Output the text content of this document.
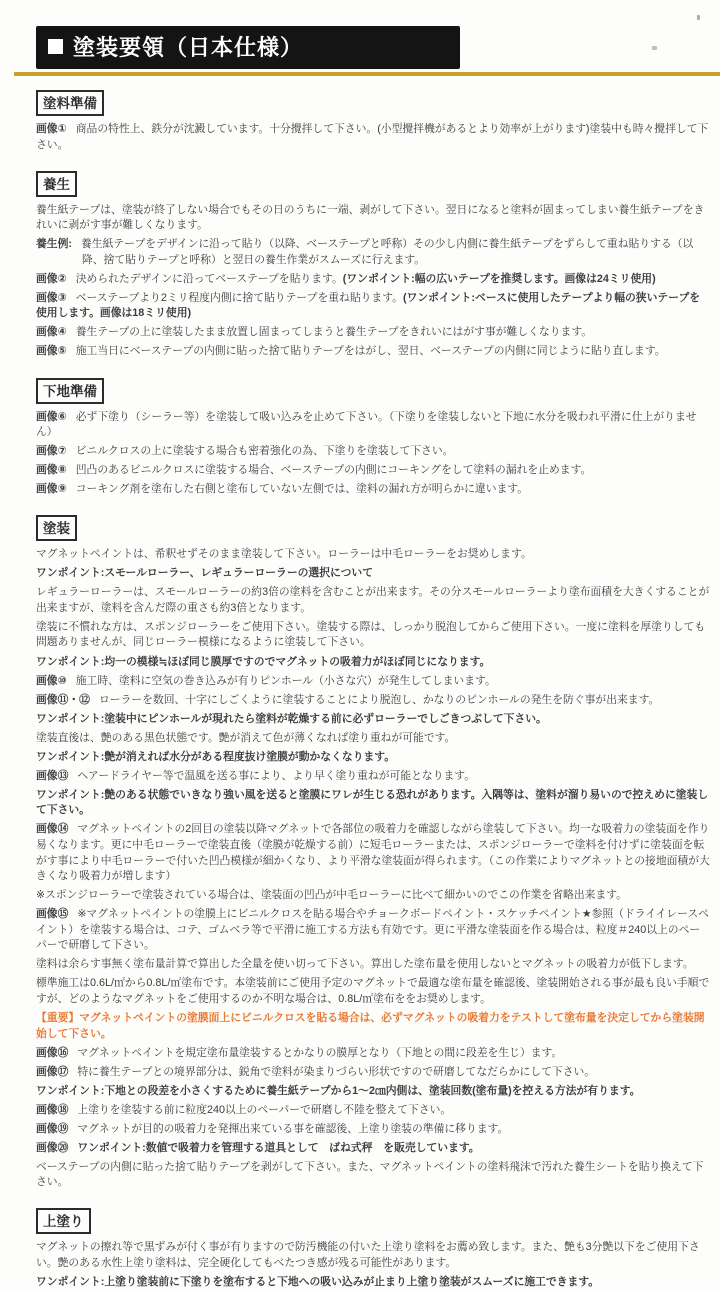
塗装要領（日本仕様）
塗料準備

画像① 商品の特性上、鉄分が沈澱しています。十分攪拌して下さい。(小型攪拌機があるとより効率が上がります)塗装中も時々攪拌して下さい。

養生

養生紙テープは、塗装が終了しない場合でもその日のうちに一端、剥がして下さい。翌日になると塗料が固まってしまい養生紙テープをきれいに剥がす事が難しくなります。

養生例: 養生紙テープをデザインに沿って貼り（以降、ベーステープと呼称）その少し内側に養生紙テープをずらして重ね貼りする（以降、捨て貼りテープと呼称）と翌日の養生作業がスムーズに行えます。

画像② 決められたデザインに沿ってベーステープを貼ります。(ワンポイント:幅の広いテープを推奨します。画像は24ミリ使用)

画像③ ベーステープより2ミリ程度内側に捨て貼りテープを重ね貼ります。(ワンポイント:ベースに使用したテープより幅の狭いテープを使用します。画像は18ミリ使用)

画像④ 養生テープの上に塗装したまま放置し固まってしまうと養生テープをきれいにはがす事が難しくなります。

画像⑤ 施工当日にベーステープの内側に貼った捨て貼りテープをはがし、翌日、ベーステープの内側に同じように貼り直します。

下地準備

画像⑥ 必ず下塗り（シーラー等）を塗装して吸い込みを止めて下さい。（下塗りを塗装しないと下地に水分を吸われ平滑に仕上がりません）

画像⑦ ビニルクロスの上に塗装する場合も密着強化の為、下塗りを塗装して下さい。

画像⑧ 凹凸のあるビニルクロスに塗装する場合、ベーステープの内側にコーキングをして塗料の漏れを止めます。

画像⑨ コーキング剤を塗布した右側と塗布していない左側では、塗料の漏れ方が明らかに違います。

塗装

マグネットペイントは、希釈せずそのまま塗装して下さい。ローラーは中毛ローラーをお奨めします。

ワンポイント:スモールローラー、レギュラーローラーの選択について

レギュラーローラーは、スモールローラーの約3倍の塗料を含むことが出来ます。その分スモールローラーより塗布面積を大きくすることが出来ますが、塗料を含んだ際の重さも約3倍となります。

塗装に不慣れな方は、スポンジローラーをご使用下さい。塗装する際は、しっかり脱泡してからご使用下さい。一度に塗料を厚塗りしても問題ありませんが、同じローラー模様になるように塗装して下さい。

ワンポイント:均一の模様≒ほぼ同じ膜厚ですのでマグネットの吸着力がほぼ同じになります。

画像⑩ 施工時、塗料に空気の巻き込みが有りピンホール（小さな穴）が発生してしまいます。

画像⑪・⑫ ローラーを数回、十字にしごくように塗装することにより脱泡し、かなりのピンホールの発生を防ぐ事が出来ます。

ワンポイント:塗装中にピンホールが現れたら塗料が乾燥する前に必ずローラーでしごきつぶして下さい。

塗装直後は、艶のある黒色状態です。艶が消えて色が薄くなれば塗り重ねが可能です。

ワンポイント:艶が消えれば水分がある程度抜け塗膜が動かなくなります。

画像⑬ ヘアードライヤー等で温風を送る事により、より早く塗り重ねが可能となります。

ワンポイント:艶のある状態でいきなり強い風を送ると塗膜にワレが生じる恐れがあります。入隅等は、塗料が溜り易いので控えめに塗装して下さい。

画像⑭ マグネットペイントの2回目の塗装以降マグネットで各部位の吸着力を確認しながら塗装して下さい。均一な吸着力の塗装面を作り易くなります。更に中毛ローラーで塗装直後（塗膜が乾燥する前）に短毛ローラーまたは、スポンジローラーで塗料を付けずに塗装面を転がす事により中毛ローラーで付いた凹凸模様が細かくなり、より平滑な塗装面が得られます。（この作業によりマグネットとの接地面積が大きくなり吸着力が増します）

※スポンジローラーで塗装されている場合は、塗装面の凹凸が中毛ローラーに比べて細かいのでこの作業を省略出来ます。

画像⑮ ※マグネットペイントの塗膜上にビニルクロスを貼る場合やチョークボードペイント・スケッチペイント★参照（ドライイレースペイント）を塗装する場合は、コテ、ゴムベラ等で平滑に施工する方法も有効です。更に平滑な塗装面を作る場合は、粒度＃240以上のペーパーで研磨して下さい。

塗料は余らす事無く塗布量計算で算出した全量を使い切って下さい。算出した塗布量を使用しないとマグネットの吸着力が低下します。

標準施工は0.6L/㎡から0.8L/㎡塗布です。本塗装前にご使用予定のマグネットで最適な塗布量を確認後、塗装開始される事が最も良い手順ですが、どのようなマグネットをご使用するのか不明な場合は、0.8L/㎡塗布ををお奨めします。

【重要】マグネットペイントの塗膜面上にビニルクロスを貼る場合は、必ずマグネットの吸着力をテストして塗布量を決定してから塗装開始して下さい。

画像⑯ マグネットペイントを規定塗布量塗装するとかなりの膜厚となり（下地との間に段差を生じ）ます。

画像⑰ 特に養生テープとの境界部分は、鋭角で塗料が染まりづらい形状ですので研磨してなだらかにして下さい。

ワンポイント:下地との段差を小さくするために養生紙テープから1～2㎝内側は、塗装回数(塗布量)を控える方法が有ります。

画像⑱ 上塗りを塗装する前に粒度240以上のペーパーで研磨し不陸を整えて下さい。

画像⑲ マグネットが目的の吸着力を発揮出来ている事を確認後、上塗り塗装の準備に移ります。

画像⑳ ワンポイント:数値で吸着力を管理する道具として　ばね式秤　を販売しています。

ベーステープの内側に貼った捨て貼りテープを剥がして下さい。また、マグネットペイントの塗料飛沫で汚れた養生シートを貼り換えて下さい。

上塗り

マグネットの擦れ等で黒ずみが付く事が有りますので防汚機能の付いた上塗り塗料をお薦め致します。また、艶も3分艶以下をご使用下さい。艶のある水性上塗り塗料は、完全硬化してもべたつき感が残る可能性があります。

ワンポイント:上塗り塗装前に下塗りを塗布すると下地への吸い込みが止まり上塗り塗装がスムーズに施工できます。
